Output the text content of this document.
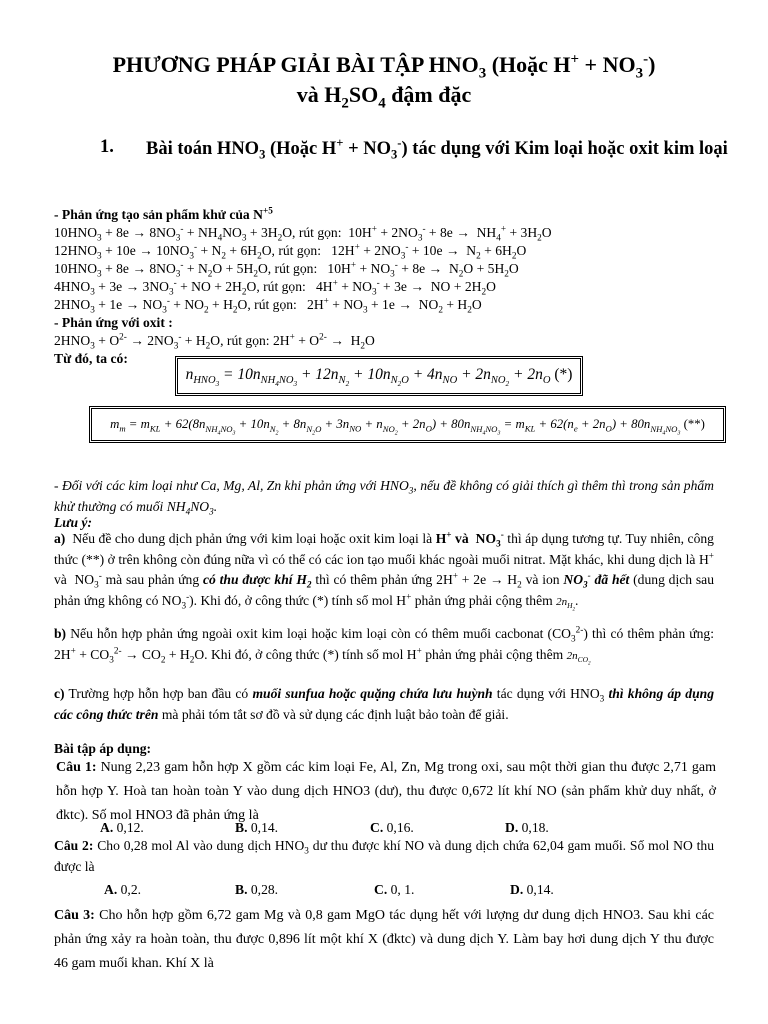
PHƯƠNG PHÁP GIẢI BÀI TẬP $HNO_3$ (Hoặc $H^+ + NO_3^-$)
và $H_2SO_4$ đậm đặc
1. Bài toán $HNO_3$ (Hoặc $H^+ + NO_3^-$) tác dụng với Kim loại hoặc oxit kim loại
- Phản ứng tạo sản phẩm khử của $N^{+5}$
$10HNO_3 + 8e \to 8NO_3^- + NH_4NO_3 + 3H_2O$, rút gọn:  $10H^+ + 2NO_3^- + 8e \to NH_4^+ + 3H_2O$
$12HNO_3 + 10e \to 10NO_3^- + N_2 + 6H_2O$, rút gọn:   $12H^+ + 2NO_3^- + 10e \to N_2 + 6H_2O$
$10HNO_3 + 8e \to 8NO_3^- + N_2O + 5H_2O$, rút gọn:   $10H^+ + NO_3^- + 8e \to N_2O + 5H_2O$
$4HNO_3 + 3e \to 3NO_3^-$ + NO + $2H_2O$, rút gọn:   $4H^+ + NO_3^- + 3e$ →  NO + $2H_2O$
$2HNO_3 + 1e \to NO_3^- + NO_2 + H_2O$, rút gọn:   $2H^+ + NO_3 + 1e \to NO_2 + H_2O$
- Phản ứng với oxit :
$2HNO_3 + O^{2-} \to 2NO_3^- + H_2O$, rút gọn: $2H^+ + O^{2-} \to H_2O$
Từ đó, ta có:
$n_{HNO_3} = 10n_{NH_4NO_3} + 12n_{N_2} + 10n_{N_2O} + 4n_{NO} + 2n_{NO_2} + 2n_O$ (*)
$m_m = m_{KL} + 62(8n_{NH_4NO_3} + 10n_{N_2} + 8n_{N_2O} + 3n_{NO} + n_{NO_2} + 2n_O) + 80n_{NH_4NO_3} = m_{KL} + 62(n_e + 2n_O) + 80n_{NH_4NO_3}$ (**)
- Đối với các kim loại như Ca, Mg, Al, Zn khi phản ứng với $HNO_3$, nếu đề không có giải thích gì thêm thì trong sản phẩm khử thường có muối $NH_4NO_3$.
Lưu ý:
a)  Nếu đề cho dung dịch phản ứng với kim loại hoặc oxit kim loại là H+ và  $NO_3^-$ thì áp dụng tương tự. Tuy nhiên, công thức (**) ở trên không còn đúng nữa vì có thể có các ion tạo muối khác ngoài muối nitrat. Mặt khác, khi dung dịch là H+ và  $NO_3^-$ mà sau phản ứng có thu được khí $H_2$ thì có thêm phản ứng $2H^+ + 2e \to H_2$ và ion $NO_3^-$ đã hết (dung dịch sau phản ứng không có $NO_3^-$). Khi đó, ở công thức (*) tính số mol H+ phản ứng phải cộng thêm $2n_{H_2}$.
b) Nếu hỗn hợp phản ứng ngoài oxit kim loại hoặc kim loại còn có thêm muối cacbonat $(CO_3^{2-})$ thì có thêm phản ứng: $2H^+ + CO_3^{2-} \to CO_2 + H_2O$. Khi đó, ở công thức (*) tính số mol H+ phản ứng phải cộng thêm $2n_{CO_2}$
c) Trường hợp hỗn hợp ban đầu có muối sunfua hoặc quặng chứa lưu huỳnh tác dụng với $HNO_3$ thì không áp dụng các công thức trên mà phải tóm tắt sơ đồ và sử dụng các định luật bảo toàn để giải.
Bài tập áp dụng:
Câu 1: Nung 2,23 gam hỗn hợp X gồm các kim loại Fe, Al, Zn, Mg trong oxi, sau một thời gian thu được 2,71 gam hỗn hợp Y. Hoà tan hoàn toàn Y vào dung dịch HNO3 (dư), thu được 0,672 lít khí NO (sản phẩm khử duy nhất, ở đktc). Số mol HNO3 đã phản ứng là
A. 0,12.	B. 0,14.	C. 0,16.	D. 0,18.
Câu 2: Cho 0,28 mol Al vào dung dịch $HNO_3$ dư thu được khí NO và dung dịch chứa 62,04 gam muối. Số mol NO thu được là
A. 0,2.	B. 0,28.	C. 0, 1.	D. 0,14.
Câu 3: Cho hỗn hợp gồm 6,72 gam Mg và 0,8 gam MgO tác dụng hết với lượng dư dung dịch HNO3. Sau khi các phản ứng xảy ra hoàn toàn, thu được 0,896 lít một khí X (đktc) và dung dịch Y. Làm bay hơi dung dịch Y thu được 46 gam muối khan. Khí X là
